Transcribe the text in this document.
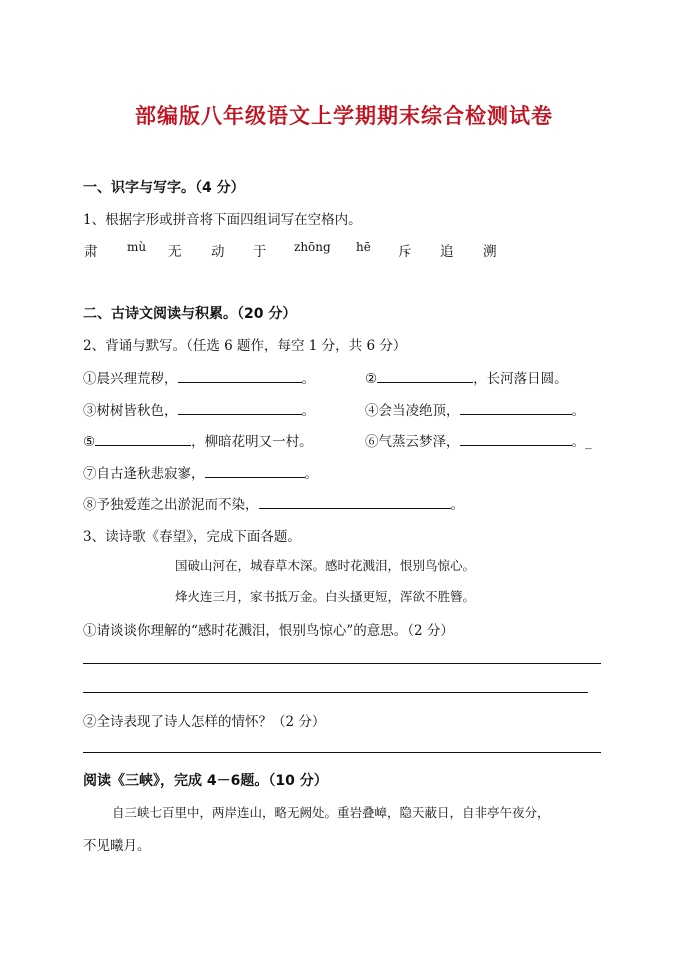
部编版八年级语文上学期期末综合检测试卷
一、识字与写字。（4 分）
1、根据字形或拼音将下面四组词写在空格内。
肃 mù 无 动 于 zhōng hē 斥 追 溯
二、古诗文阅读与积累。（20 分）
2、背诵与默写。（任选 6 题作，每空 1 分，共 6 分）
①晨兴理荒秽，	。	②	，长河落日圆。
③树树皆秋色，	。	④会当凌绝顶，	。
⑤	，柳暗花明又一村。	⑥气蒸云梦泽，	。_
⑦自古逢秋悲寂寥，	。
⑧予独爱莲之出淤泥而不染，	。
3、读诗歌《春望》，完成下面各题。
国破山河在，城春草木深。感时花溅泪，恨别鸟惊心。
烽火连三月，家书抵万金。白头搔更短，浑欲不胜簪。
①请谈谈你理解的“感时花溅泪，恨别鸟惊心”的意思。（2 分）
②全诗表现了诗人怎样的情怀？（2 分）
阅读《三峡》，完成 4－6题。（10 分）
自三峡七百里中，两岸连山，略无阙处。重岩叠嶂，隐天蔽日，自非亭午夜分，
不见曦月。
